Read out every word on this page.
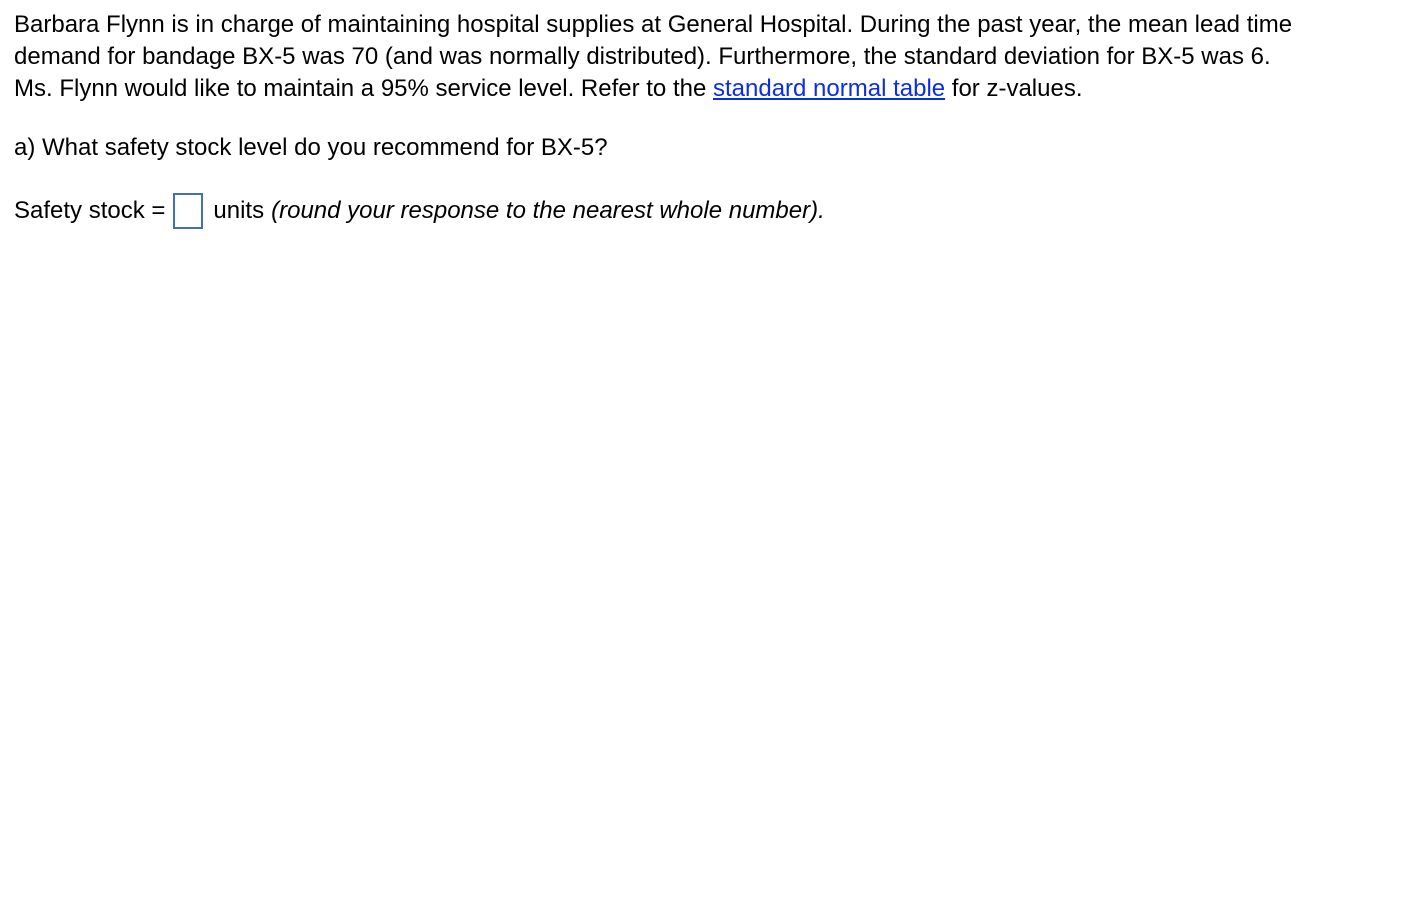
Barbara Flynn is in charge of maintaining hospital supplies at General Hospital. During the past year, the mean lead time
demand for bandage BX-5 was 70 (and was normally distributed). Furthermore, the standard deviation for BX-5 was 6.
Ms. Flynn would like to maintain a 95% service level. Refer to the standard normal table for z-values.

a) What safety stock level do you recommend for BX-5?

Safety stock = units (round your response to the nearest whole number).
